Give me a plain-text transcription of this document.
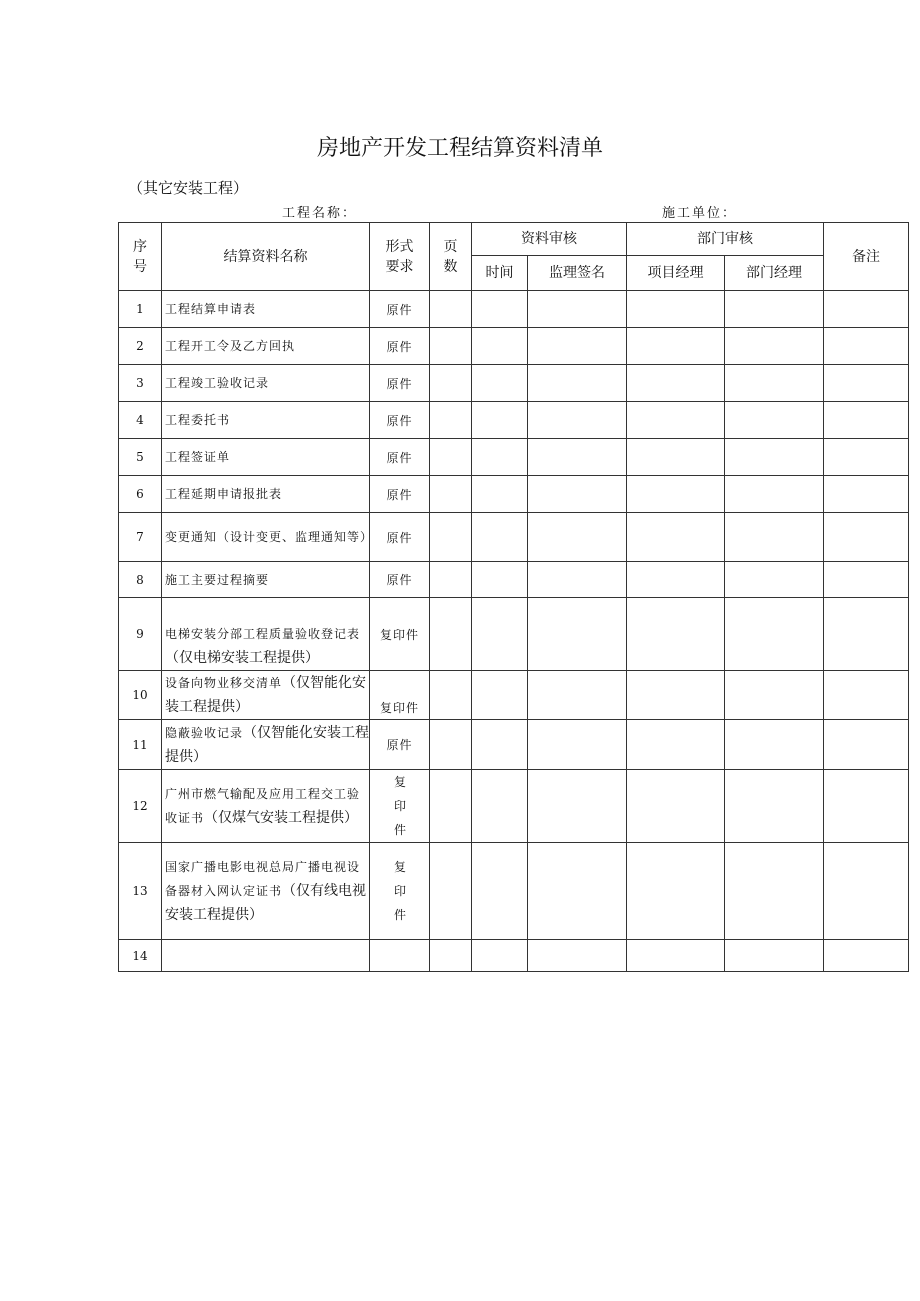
房地产开发工程结算资料清单
（其它安装工程）
工程名称：	施工单位：
序号	结算资料名称	形式要求	页数	资料审核		部门审核		备注
				时间	监理签名	项目经理	部门经理	
1	工程结算申请表	原件						
2	工程开工令及乙方回执	原件						
3	工程竣工验收记录	原件						
4	工程委托书	原件						
5	工程签证单	原件						
6	工程延期申请报批表	原件						
7	变更通知（设计变更、监理通知等）	原件						
8	施工主要过程摘要	原件						
9	电梯安装分部工程质量验收登记表（仅电梯安装工程提供）	复印件						
10	设备向物业移交清单（仅智能化安装工程提供）	复印件						
11	隐蔽验收记录（仅智能化安装工程提供）	原件						
12	广州市燃气输配及应用工程交工验收证书（仅煤气安装工程提供）	复印件						
13	国家广播电影电视总局广播电视设备器材入网认定证书（仅有线电视安装工程提供）	复印件						
14								
